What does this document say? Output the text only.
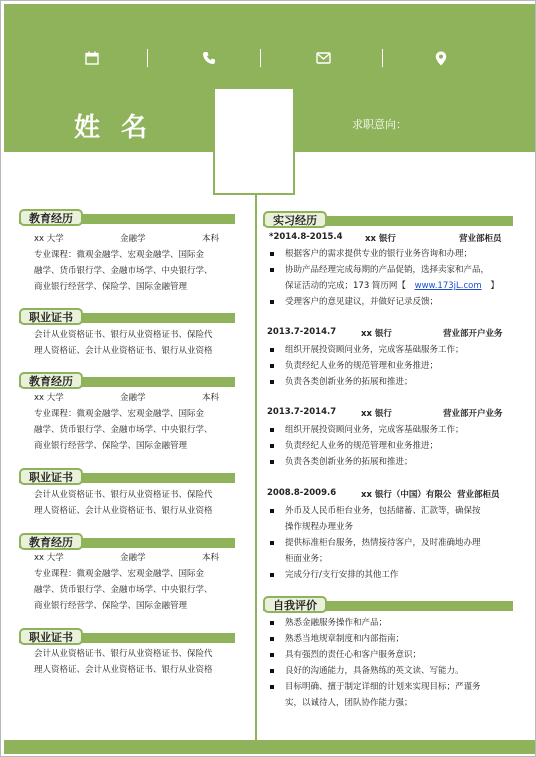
姓 名	求职意向：
教育经历
xx 大学	金融学	本科
专业课程：微观金融学、宏观金融学、国际金
融学、货币银行学、金融市场学、中央银行学、
商业银行经营学、保险学、国际金融管理
职业证书
会计从业资格证书、银行从业资格证书、保险代
理人资格证、会计从业资格证书、银行从业资格
教育经历
xx 大学	金融学	本科
专业课程：微观金融学、宏观金融学、国际金
融学、货币银行学、金融市场学、中央银行学、
商业银行经营学、保险学、国际金融管理
职业证书
会计从业资格证书、银行从业资格证书、保险代
理人资格证、会计从业资格证书、银行从业资格
教育经历
xx 大学	金融学	本科
专业课程：微观金融学、宏观金融学、国际金
融学、货币银行学、金融市场学、中央银行学、
商业银行经营学、保险学、国际金融管理
职业证书
会计从业资格证书、银行从业资格证书、保险代
理人资格证、会计从业资格证书、银行从业资格
实习经历
*2014.8-2015.4	xx 银行	营业部柜员
根据客户的需求提供专业的银行业务咨询和办理；
协助产品经理完成每期的产品促销，选择卖家和产品，
保证活动的完成；173 简历网【 www.173jL.com 】
受理客户的意见建议，并做好记录反馈；
2013.7-2014.7	xx 银行	营业部开户业务
组织开展投资顾问业务，完成客基础服务工作；
负责经纪人业务的规范管理和业务推进；
负责各类创新业务的拓展和推进；
2013.7-2014.7	xx 银行	营业部开户业务
组织开展投资顾问业务，完成客基础服务工作；
负责经纪人业务的规范管理和业务推进；
负责各类创新业务的拓展和推进；
2008.8-2009.6	xx 银行（中国）有限公 营业部柜员
外币及人民币柜台业务，包括储蓄、汇款等，确保按
操作规程办理业务
提供标准柜台服务，热情接待客户，及时准确地办理
柜面业务；
完成分行/支行安排的其他工作
自我评价
熟悉金融服务操作和产品；
熟悉当地规章制度和内部指南；
具有强烈的责任心和客户服务意识；
良好的沟通能力，具备熟练的英文读、写能力。
目标明确、擅于制定详细的计划来实现目标；严谨务
实，以诚待人，团队协作能力强；
